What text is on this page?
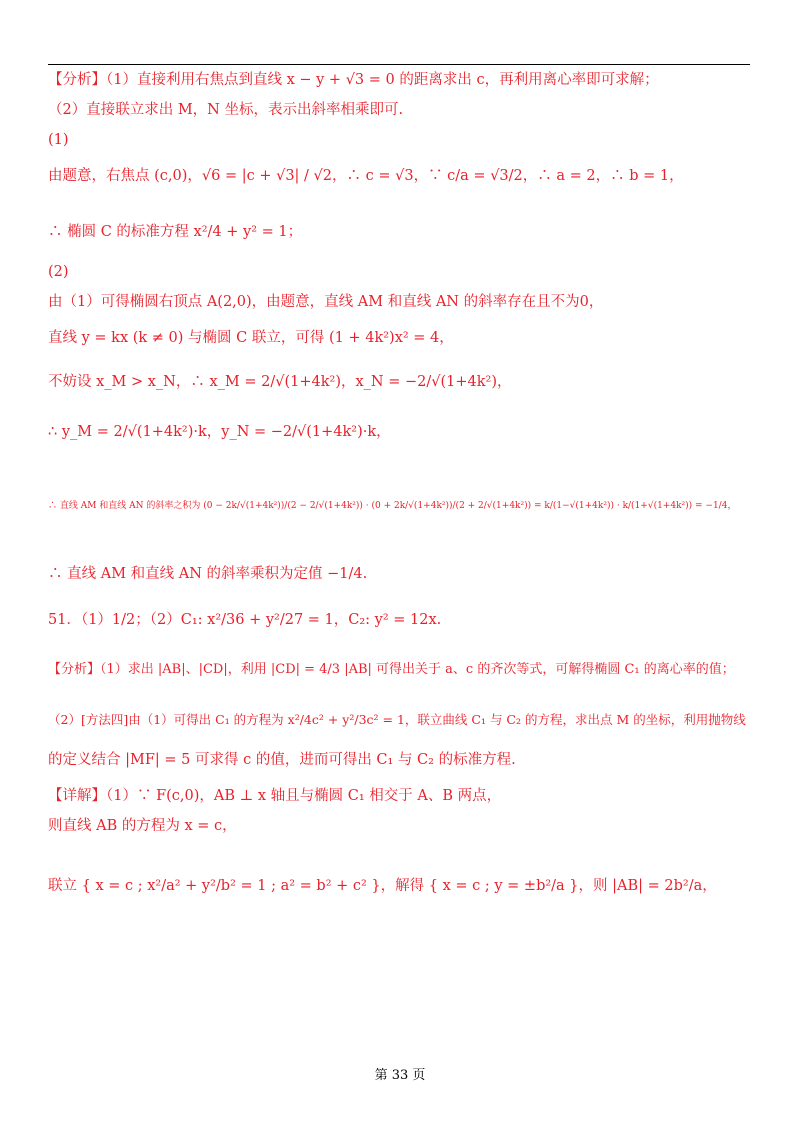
【分析】（1）直接利用右焦点到直线 x − y + √3 = 0 的距离求出 c，再利用离心率即可求解；
（2）直接联立求出 M，N 坐标，表示出斜率相乘即可.
(1)
由题意，右焦点 (c,0)，√6 = |c + √3| / √2，∴ c = √3，∵ c/a = √3/2，∴ a = 2，∴ b = 1，
∴ 椭圆 C 的标准方程 x²/4 + y² = 1；
(2)
由（1）可得椭圆右顶点 A(2,0)，由题意，直线 AM 和直线 AN 的斜率存在且不为0，
直线 y = kx (k ≠ 0) 与椭圆 C 联立，可得 (1 + 4k²)x² = 4，
不妨设 x_M > x_N，∴ x_M = 2/√(1+4k²)，x_N = −2/√(1+4k²)，
∴ y_M = 2/√(1+4k²)·k，y_N = −2/√(1+4k²)·k，
∴ 直线 AM 和直线 AN 的斜率之积为 (0 − 2k/√(1+4k²))/(2 − 2/√(1+4k²)) · (0 + 2k/√(1+4k²))/(2 + 2/√(1+4k²)) = k/(1−√(1+4k²)) · k/(1+√(1+4k²)) = −1/4，
∴ 直线 AM 和直线 AN 的斜率乘积为定值 −1/4.
51．（1）1/2；（2）C₁: x²/36 + y²/27 = 1，C₂: y² = 12x.
【分析】（1）求出 |AB|、|CD|，利用 |CD| = 4/3 |AB| 可得出关于 a、c 的齐次等式，可解得椭圆 C₁ 的离心率的值；
（2）[方法四]由（1）可得出 C₁ 的方程为 x²/4c² + y²/3c² = 1，联立曲线 C₁ 与 C₂ 的方程，求出点 M 的坐标，利用抛物线
的定义结合 |MF| = 5 可求得 c 的值，进而可得出 C₁ 与 C₂ 的标准方程.
【详解】（1）∵ F(c,0)，AB ⊥ x 轴且与椭圆 C₁ 相交于 A、B 两点，
则直线 AB 的方程为 x = c，
联立 { x = c ; x²/a² + y²/b² = 1 ; a² = b² + c² }，解得 { x = c ; y = ±b²/a }，则 |AB| = 2b²/a，
第 33 页
